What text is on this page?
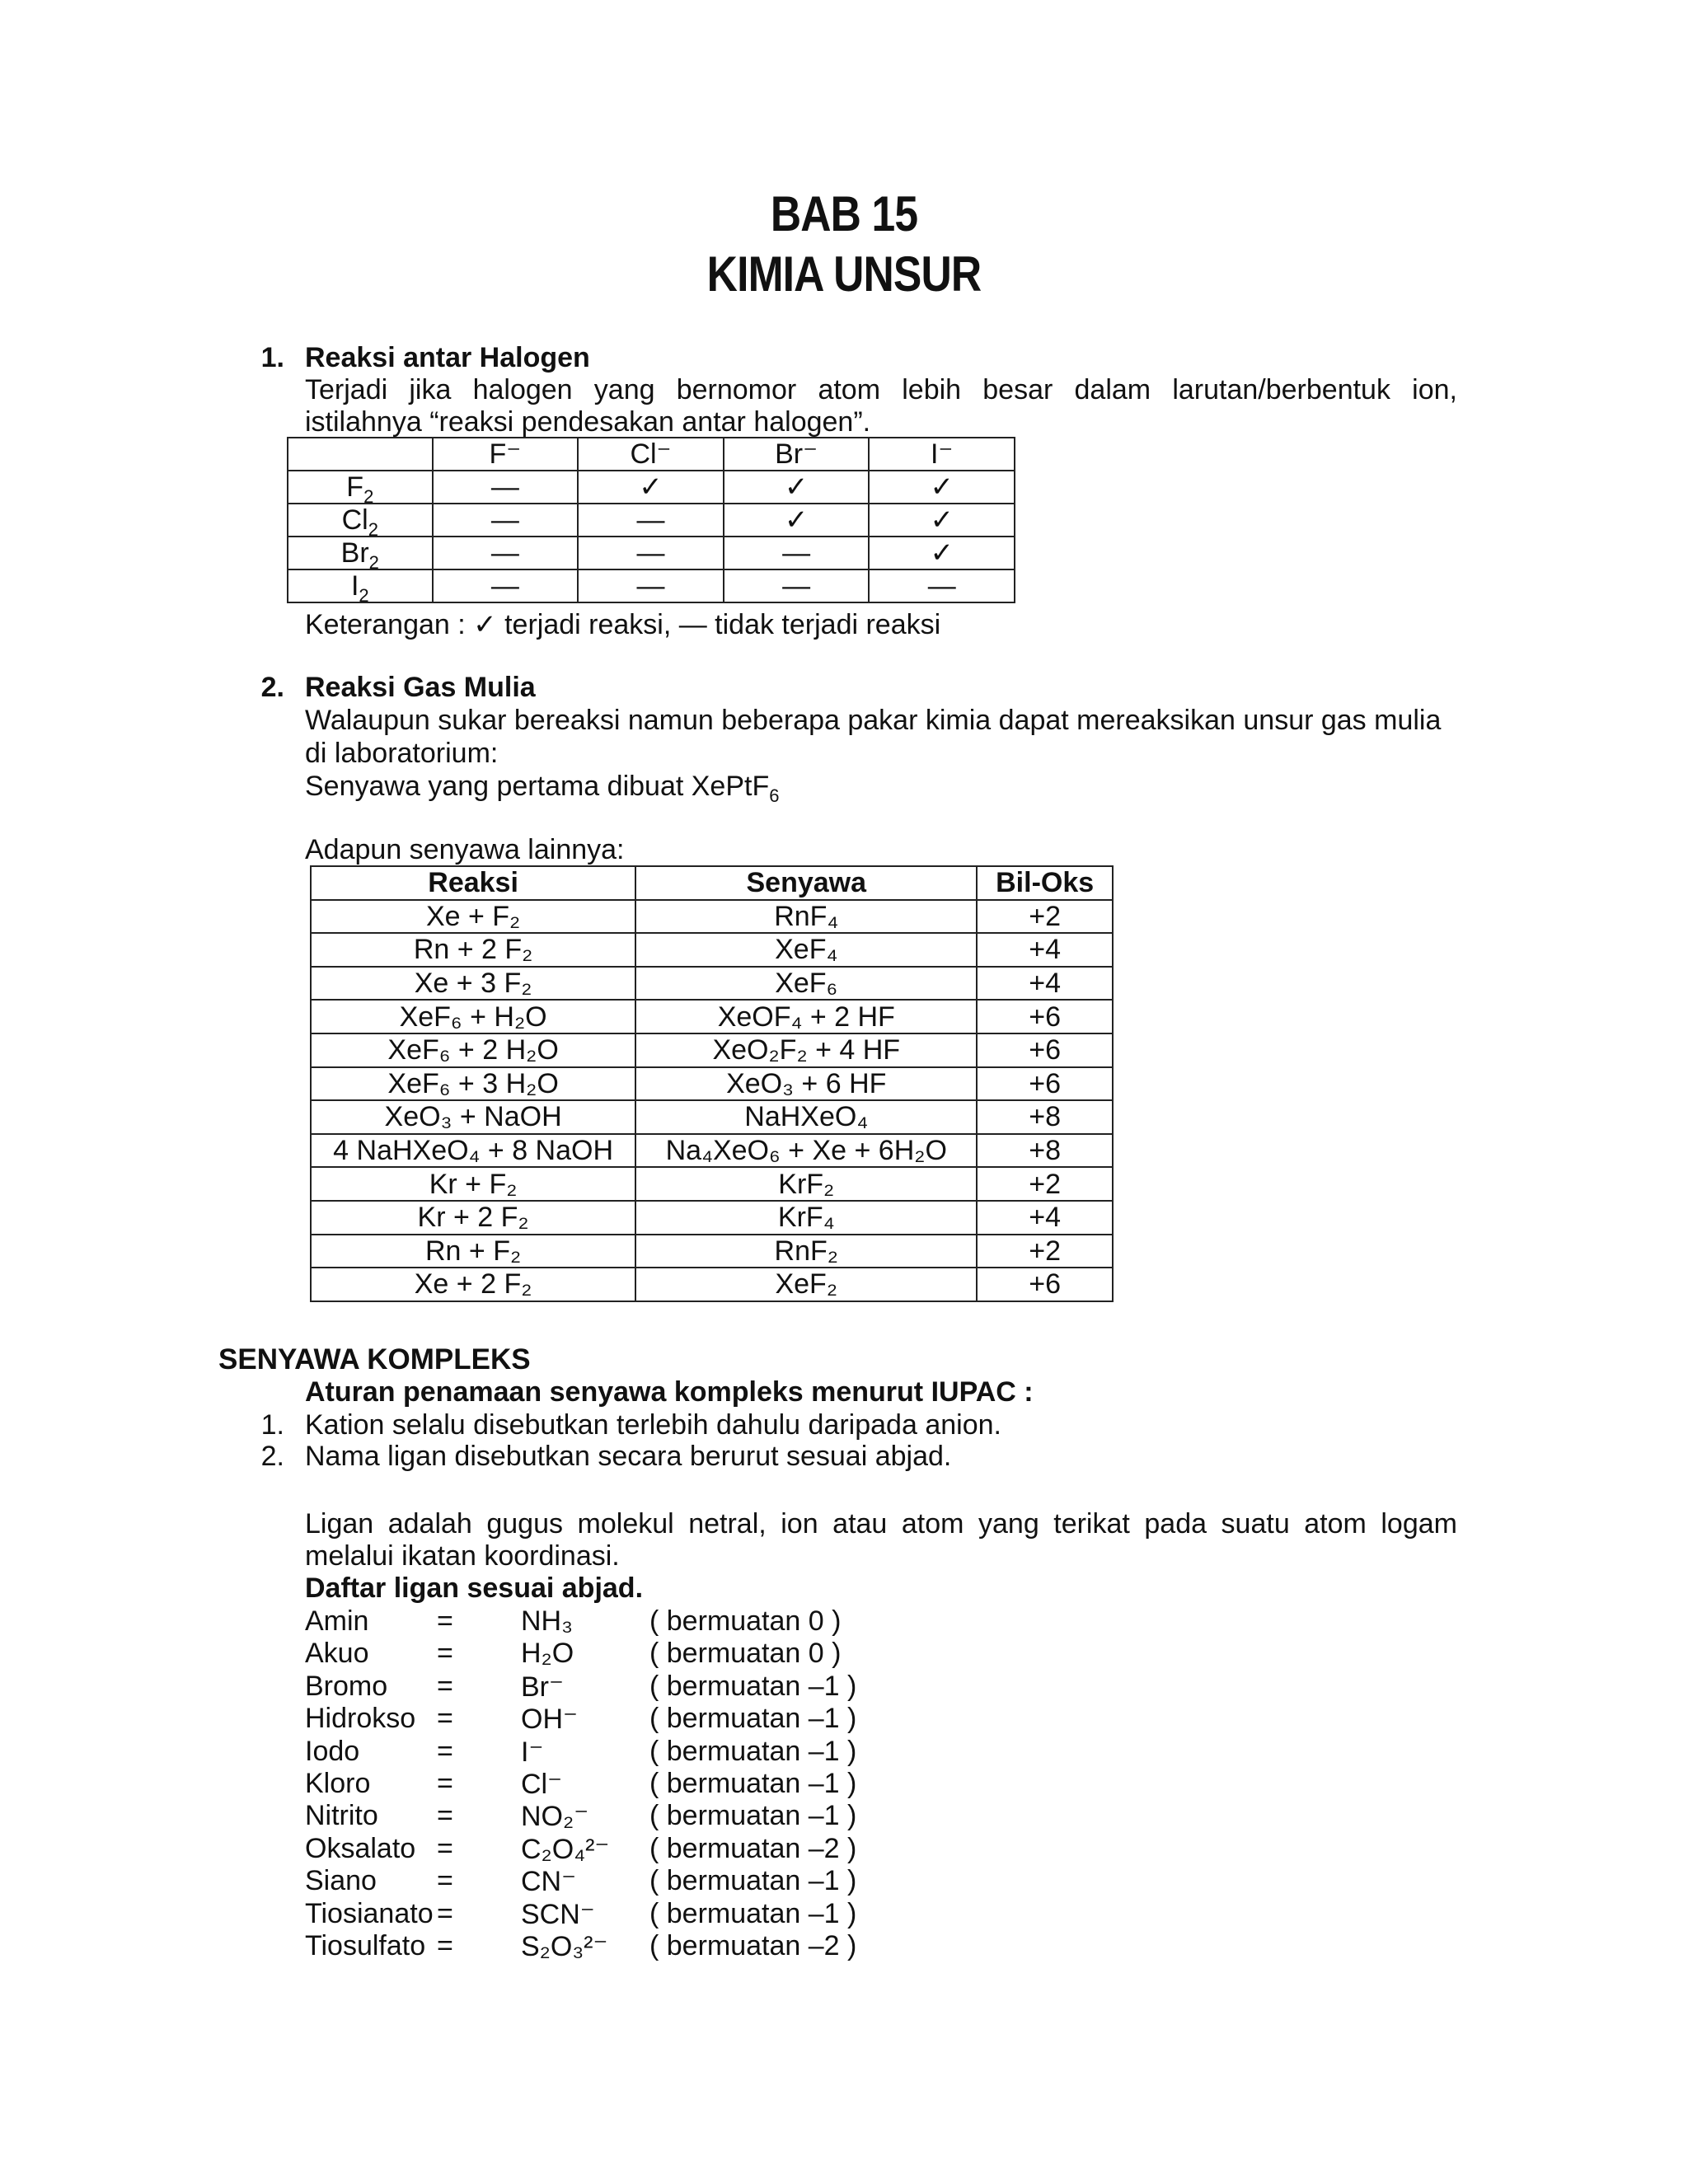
BAB 15
KIMIA UNSUR
1. Reaksi antar Halogen
Terjadi jika halogen yang bernomor atom lebih besar dalam larutan/berbentuk ion,
istilahnya “reaksi pendesakan antar halogen”.
	F⁻	Cl⁻	Br⁻	I⁻
$F_2$	—	✓	✓	✓
$Cl_2$	—	—	✓	✓
$Br_2$	—	—	—	✓
$I_2$	—	—	—	—
Keterangan : ✓ terjadi reaksi, — tidak terjadi reaksi
2. Reaksi Gas Mulia
Walaupun sukar bereaksi namun beberapa pakar kimia dapat mereaksikan unsur gas mulia
di laboratorium:
Senyawa yang pertama dibuat XePtF$_6$
Adapun senyawa lainnya:
Reaksi	Senyawa	Bil-Oks
Xe + F₂	RnF₄	+2
Rn + 2 F₂	XeF₄	+4
Xe + 3 F₂	XeF₆	+4
XeF₆ + H₂O	XeOF₄ + 2 HF	+6
XeF₆ + 2 H₂O	XeO₂F₂ + 4 HF	+6
XeF₆ + 3 H₂O	XeO₃ + 6 HF	+6
XeO₃ + NaOH	NaHXeO₄	+8
4 NaHXeO₄ + 8 NaOH	Na₄XeO₆ + Xe + 6H₂O	+8
Kr + F₂	KrF₂	+2
Kr + 2 F₂	KrF₄	+4
Rn + F₂	RnF₂	+2
Xe + 2 F₂	XeF₂	+6
SENYAWA KOMPLEKS
Aturan penamaan senyawa kompleks menurut IUPAC :
1. Kation selalu disebutkan terlebih dahulu daripada anion.
2. Nama ligan disebutkan secara berurut sesuai abjad.
Ligan adalah gugus molekul netral, ion atau atom yang terikat pada suatu atom logam
melalui ikatan koordinasi.
Daftar ligan sesuai abjad.
Amin = NH₃	( bermuatan 0 )
Akuo = H₂O	( bermuatan 0 )
Bromo = Br⁻	( bermuatan –1 )
Hidrokso = OH⁻	( bermuatan –1 )
Iodo	= I⁻	( bermuatan –1 )
Kloro = Cl⁻	( bermuatan –1 )
Nitrito = NO₂⁻ ( bermuatan –1 )
Oksalato = C₂O₄²⁻ ( bermuatan –2 )
Siano = CN⁻	( bermuatan –1 )
Tiosianato = SCN⁻ ( bermuatan –1 )
Tiosulfato = S₂O₃²⁻ ( bermuatan –2 )
